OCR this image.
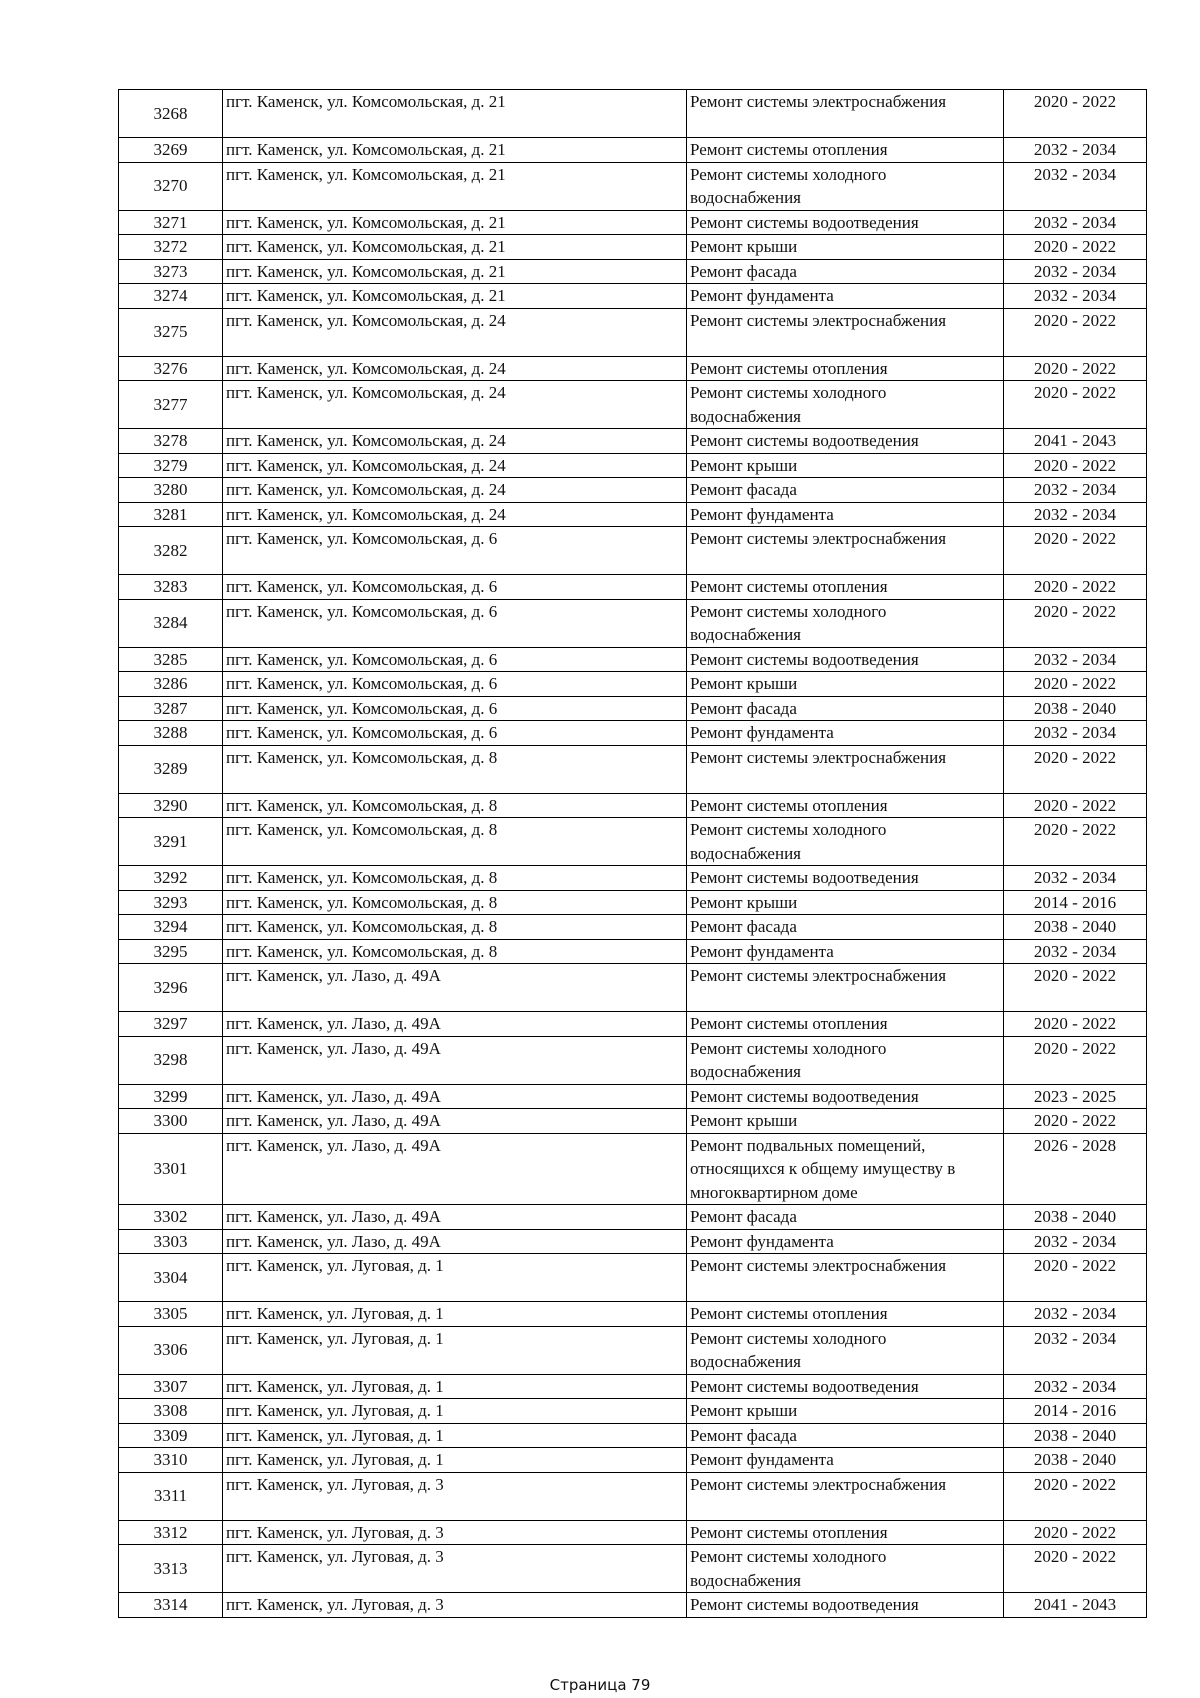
3268	пгт. Каменск, ул. Комсомольская, д. 21	Ремонт системы электроснабжения	2020 - 2022
3269	пгт. Каменск, ул. Комсомольская, д. 21	Ремонт системы отопления	2032 - 2034
3270	пгт. Каменск, ул. Комсомольская, д. 21	Ремонт системы холодного водоснабжения	2032 - 2034
3271	пгт. Каменск, ул. Комсомольская, д. 21	Ремонт системы водоотведения	2032 - 2034
3272	пгт. Каменск, ул. Комсомольская, д. 21	Ремонт крыши	2020 - 2022
3273	пгт. Каменск, ул. Комсомольская, д. 21	Ремонт фасада	2032 - 2034
3274	пгт. Каменск, ул. Комсомольская, д. 21	Ремонт фундамента	2032 - 2034
3275	пгт. Каменск, ул. Комсомольская, д. 24	Ремонт системы электроснабжения	2020 - 2022
3276	пгт. Каменск, ул. Комсомольская, д. 24	Ремонт системы отопления	2020 - 2022
3277	пгт. Каменск, ул. Комсомольская, д. 24	Ремонт системы холодного водоснабжения	2020 - 2022
3278	пгт. Каменск, ул. Комсомольская, д. 24	Ремонт системы водоотведения	2041 - 2043
3279	пгт. Каменск, ул. Комсомольская, д. 24	Ремонт крыши	2020 - 2022
3280	пгт. Каменск, ул. Комсомольская, д. 24	Ремонт фасада	2032 - 2034
3281	пгт. Каменск, ул. Комсомольская, д. 24	Ремонт фундамента	2032 - 2034
3282	пгт. Каменск, ул. Комсомольская, д. 6	Ремонт системы электроснабжения	2020 - 2022
3283	пгт. Каменск, ул. Комсомольская, д. 6	Ремонт системы отопления	2020 - 2022
3284	пгт. Каменск, ул. Комсомольская, д. 6	Ремонт системы холодного водоснабжения	2020 - 2022
3285	пгт. Каменск, ул. Комсомольская, д. 6	Ремонт системы водоотведения	2032 - 2034
3286	пгт. Каменск, ул. Комсомольская, д. 6	Ремонт крыши	2020 - 2022
3287	пгт. Каменск, ул. Комсомольская, д. 6	Ремонт фасада	2038 - 2040
3288	пгт. Каменск, ул. Комсомольская, д. 6	Ремонт фундамента	2032 - 2034
3289	пгт. Каменск, ул. Комсомольская, д. 8	Ремонт системы электроснабжения	2020 - 2022
3290	пгт. Каменск, ул. Комсомольская, д. 8	Ремонт системы отопления	2020 - 2022
3291	пгт. Каменск, ул. Комсомольская, д. 8	Ремонт системы холодного водоснабжения	2020 - 2022
3292	пгт. Каменск, ул. Комсомольская, д. 8	Ремонт системы водоотведения	2032 - 2034
3293	пгт. Каменск, ул. Комсомольская, д. 8	Ремонт крыши	2014 - 2016
3294	пгт. Каменск, ул. Комсомольская, д. 8	Ремонт фасада	2038 - 2040
3295	пгт. Каменск, ул. Комсомольская, д. 8	Ремонт фундамента	2032 - 2034
3296	пгт. Каменск, ул. Лазо, д. 49А	Ремонт системы электроснабжения	2020 - 2022
3297	пгт. Каменск, ул. Лазо, д. 49А	Ремонт системы отопления	2020 - 2022
3298	пгт. Каменск, ул. Лазо, д. 49А	Ремонт системы холодного водоснабжения	2020 - 2022
3299	пгт. Каменск, ул. Лазо, д. 49А	Ремонт системы водоотведения	2023 - 2025
3300	пгт. Каменск, ул. Лазо, д. 49А	Ремонт крыши	2020 - 2022
3301	пгт. Каменск, ул. Лазо, д. 49А	Ремонт подвальных помещений, относящихся к общему имуществу в многоквартирном доме	2026 - 2028
3302	пгт. Каменск, ул. Лазо, д. 49А	Ремонт фасада	2038 - 2040
3303	пгт. Каменск, ул. Лазо, д. 49А	Ремонт фундамента	2032 - 2034
3304	пгт. Каменск, ул. Луговая, д. 1	Ремонт системы электроснабжения	2020 - 2022
3305	пгт. Каменск, ул. Луговая, д. 1	Ремонт системы отопления	2032 - 2034
3306	пгт. Каменск, ул. Луговая, д. 1	Ремонт системы холодного водоснабжения	2032 - 2034
3307	пгт. Каменск, ул. Луговая, д. 1	Ремонт системы водоотведения	2032 - 2034
3308	пгт. Каменск, ул. Луговая, д. 1	Ремонт крыши	2014 - 2016
3309	пгт. Каменск, ул. Луговая, д. 1	Ремонт фасада	2038 - 2040
3310	пгт. Каменск, ул. Луговая, д. 1	Ремонт фундамента	2038 - 2040
3311	пгт. Каменск, ул. Луговая, д. 3	Ремонт системы электроснабжения	2020 - 2022
3312	пгт. Каменск, ул. Луговая, д. 3	Ремонт системы отопления	2020 - 2022
3313	пгт. Каменск, ул. Луговая, д. 3	Ремонт системы холодного водоснабжения	2020 - 2022
3314	пгт. Каменск, ул. Луговая, д. 3	Ремонт системы водоотведения	2041 - 2043
Страница 79
